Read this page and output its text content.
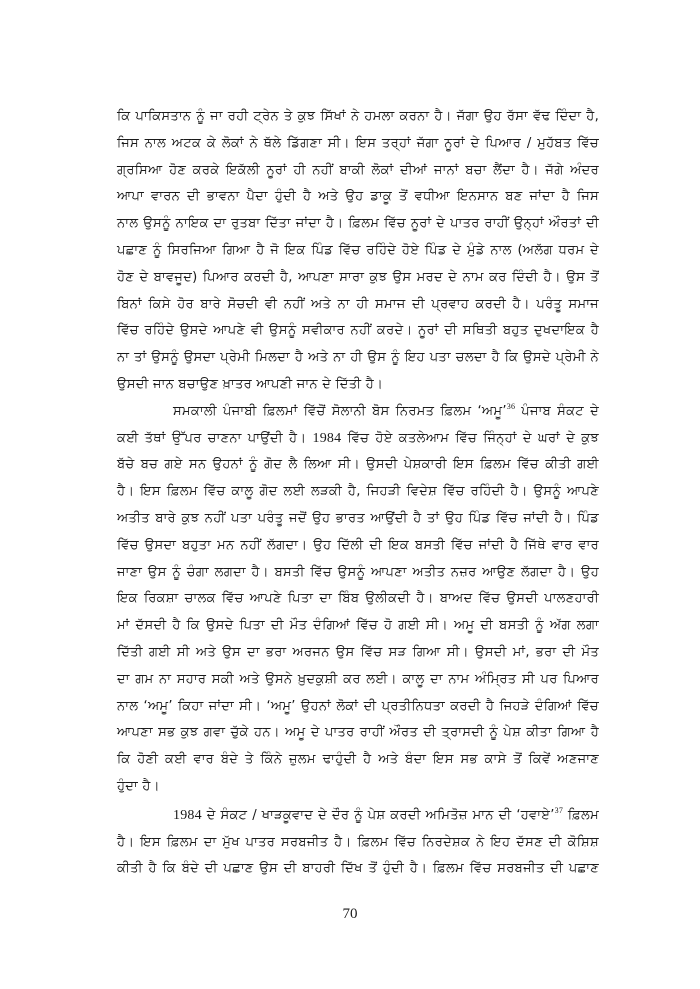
ਕਿ ਪਾਕਿਸਤਾਨ ਨੂੰ ਜਾ ਰਹੀ ਟ੍ਰੇਨ ਤੇ ਕੁਝ ਸਿੱਖਾਂ ਨੇ ਹਮਲਾ ਕਰਨਾ ਹੈ। ਜੱਗਾ ਉਹ ਰੱਸਾ ਵੱਢ ਦਿੰਦਾ ਹੈ,
ਜਿਸ ਨਾਲ ਅਟਕ ਕੇ ਲੋਕਾਂ ਨੇ ਥੱਲੇ ਡਿੱਗਣਾ ਸੀ। ਇਸ ਤਰ੍ਹਾਂ ਜੱਗਾ ਨੂਰਾਂ ਦੇ ਪਿਆਰ / ਮੁਹੱਬਤ ਵਿੱਚ
ਗ੍ਰਸਿਆ ਹੋਣ ਕਰਕੇ ਇਕੱਲੀ ਨੂਰਾਂ ਹੀ ਨਹੀਂ ਬਾਕੀ ਲੋਕਾਂ ਦੀਆਂ ਜਾਨਾਂ ਬਚਾ ਲੈਂਦਾ ਹੈ। ਜੱਗੇ ਅੰਦਰ
ਆਪਾ ਵਾਰਨ ਦੀ ਭਾਵਨਾ ਪੈਦਾ ਹੁੰਦੀ ਹੈ ਅਤੇ ਉਹ ਡਾਕੂ ਤੋਂ ਵਧੀਆ ਇਨਸਾਨ ਬਣ ਜਾਂਦਾ ਹੈ ਜਿਸ
ਨਾਲ ਉਸਨੂੰ ਨਾਇਕ ਦਾ ਰੁਤਬਾ ਦਿੱਤਾ ਜਾਂਦਾ ਹੈ। ਫ਼ਿਲਮ ਵਿੱਚ ਨੂਰਾਂ ਦੇ ਪਾਤਰ ਰਾਹੀਂ ਉਨ੍ਹਾਂ ਔਰਤਾਂ ਦੀ
ਪਛਾਣ ਨੂੰ ਸਿਰਜਿਆ ਗਿਆ ਹੈ ਜੋ ਇਕ ਪਿੰਡ ਵਿੱਚ ਰਹਿੰਦੇ ਹੋਏ ਪਿੰਡ ਦੇ ਮੁੰਡੇ ਨਾਲ (ਅਲੱਗ ਧਰਮ ਦੇ
ਹੋਣ ਦੇ ਬਾਵਜੂਦ) ਪਿਆਰ ਕਰਦੀ ਹੈ, ਆਪਣਾ ਸਾਰਾ ਕੁਝ ਉਸ ਮਰਦ ਦੇ ਨਾਮ ਕਰ ਦਿੰਦੀ ਹੈ। ਉਸ ਤੋਂ
ਬਿਨਾਂ ਕਿਸੇ ਹੋਰ ਬਾਰੇ ਸੋਚਦੀ ਵੀ ਨਹੀਂ ਅਤੇ ਨਾ ਹੀ ਸਮਾਜ ਦੀ ਪ੍ਰਵਾਹ ਕਰਦੀ ਹੈ। ਪਰੰਤੂ ਸਮਾਜ
ਵਿੱਚ ਰਹਿੰਦੇ ਉਸਦੇ ਆਪਣੇ ਵੀ ਉਸਨੂੰ ਸਵੀਕਾਰ ਨਹੀਂ ਕਰਦੇ। ਨੂਰਾਂ ਦੀ ਸਥਿਤੀ ਬਹੁਤ ਦੁਖਦਾਇਕ ਹੈ
ਨਾ ਤਾਂ ਉਸਨੂੰ ਉਸਦਾ ਪ੍ਰੇਮੀ ਮਿਲਦਾ ਹੈ ਅਤੇ ਨਾ ਹੀ ਉਸ ਨੂੰ ਇਹ ਪਤਾ ਚਲਦਾ ਹੈ ਕਿ ਉਸਦੇ ਪ੍ਰੇਮੀ ਨੇ
ਉਸਦੀ ਜਾਨ ਬਚਾਉਣ ਖ਼ਾਤਰ ਆਪਣੀ ਜਾਨ ਦੇ ਦਿੱਤੀ ਹੈ।
ਸਮਕਾਲੀ ਪੰਜਾਬੀ ਫ਼ਿਲਮਾਂ ਵਿੱਚੋਂ ਸੋਲਾਨੀ ਬੋਸ ਨਿਰਮਤ ਫ਼ਿਲਮ ‘ਅਮੂ’$^{36}$ ਪੰਜਾਬ ਸੰਕਟ ਦੇ
ਕਈ ਤੱਥਾਂ ਉੱਪਰ ਚਾਣਨਾ ਪਾਉਂਦੀ ਹੈ। 1984 ਵਿੱਚ ਹੋਏ ਕਤਲੇਆਮ ਵਿੱਚ ਜਿੰਨ੍ਹਾਂ ਦੇ ਘਰਾਂ ਦੇ ਕੁਝ
ਬੱਚੇ ਬਚ ਗਏ ਸਨ ਉਹਨਾਂ ਨੂੰ ਗੋਦ ਲੈ ਲਿਆ ਸੀ। ਉਸਦੀ ਪੇਸ਼ਕਾਰੀ ਇਸ ਫ਼ਿਲਮ ਵਿੱਚ ਕੀਤੀ ਗਈ
ਹੈ। ਇਸ ਫ਼ਿਲਮ ਵਿੱਚ ਕਾਲੂ ਗੋਦ ਲਈ ਲੜਕੀ ਹੈ, ਜਿਹੜੀ ਵਿਦੇਸ਼ ਵਿੱਚ ਰਹਿੰਦੀ ਹੈ। ਉਸਨੂੰ ਆਪਣੇ
ਅਤੀਤ ਬਾਰੇ ਕੁਝ ਨਹੀਂ ਪਤਾ ਪਰੰਤੂ ਜਦੋਂ ਉਹ ਭਾਰਤ ਆਉਂਦੀ ਹੈ ਤਾਂ ਉਹ ਪਿੰਡ ਵਿੱਚ ਜਾਂਦੀ ਹੈ। ਪਿੰਡ
ਵਿੱਚ ਉਸਦਾ ਬਹੁਤਾ ਮਨ ਨਹੀਂ ਲੱਗਦਾ। ਉਹ ਦਿੱਲੀ ਦੀ ਇਕ ਬਸਤੀ ਵਿੱਚ ਜਾਂਦੀ ਹੈ ਜਿੱਥੇ ਵਾਰ ਵਾਰ
ਜਾਣਾ ਉਸ ਨੂੰ ਚੰਗਾ ਲਗਦਾ ਹੈ। ਬਸਤੀ ਵਿੱਚ ਉਸਨੂੰ ਆਪਣਾ ਅਤੀਤ ਨਜ਼ਰ ਆਉਣ ਲੱਗਦਾ ਹੈ। ਉਹ
ਇਕ ਰਿਕਸ਼ਾ ਚਾਲਕ ਵਿੱਚ ਆਪਣੇ ਪਿਤਾ ਦਾ ਬਿੰਬ ਉਲੀਕਦੀ ਹੈ। ਬਾਅਦ ਵਿੱਚ ਉਸਦੀ ਪਾਲਣਹਾਰੀ
ਮਾਂ ਦੱਸਦੀ ਹੈ ਕਿ ਉਸਦੇ ਪਿਤਾ ਦੀ ਮੌਤ ਦੰਗਿਆਂ ਵਿੱਚ ਹੋ ਗਈ ਸੀ। ਅਮੂ ਦੀ ਬਸਤੀ ਨੂੰ ਅੱਗ ਲਗਾ
ਦਿੱਤੀ ਗਈ ਸੀ ਅਤੇ ਉਸ ਦਾ ਭਰਾ ਅਰਜਨ ਉਸ ਵਿੱਚ ਸੜ ਗਿਆ ਸੀ। ਉਸਦੀ ਮਾਂ, ਭਰਾ ਦੀ ਮੌਤ
ਦਾ ਗਮ ਨਾ ਸਹਾਰ ਸਕੀ ਅਤੇ ਉਸਨੇ ਖ਼ੁਦਕੁਸ਼ੀ ਕਰ ਲਈ। ਕਾਲੂ ਦਾ ਨਾਮ ਅੰਮ੍ਰਿਤ ਸੀ ਪਰ ਪਿਆਰ
ਨਾਲ ‘ਅਮੂ’ ਕਿਹਾ ਜਾਂਦਾ ਸੀ। ‘ਅਮੂ’ ਉਹਨਾਂ ਲੋਕਾਂ ਦੀ ਪ੍ਰਤੀਨਿਧਤਾ ਕਰਦੀ ਹੈ ਜਿਹੜੇ ਦੰਗਿਆਂ ਵਿੱਚ
ਆਪਣਾ ਸਭ ਕੁਝ ਗਵਾ ਚੁੱਕੇ ਹਨ। ਅਮੂ ਦੇ ਪਾਤਰ ਰਾਹੀਂ ਔਰਤ ਦੀ ਤ੍ਰਾਸਦੀ ਨੂੰ ਪੇਸ਼ ਕੀਤਾ ਗਿਆ ਹੈ
ਕਿ ਹੋਣੀ ਕਈ ਵਾਰ ਬੰਦੇ ਤੇ ਕਿੰਨੇ ਜ਼ੁਲਮ ਢਾਹੁੰਦੀ ਹੈ ਅਤੇ ਬੰਦਾ ਇਸ ਸਭ ਕਾਸੇ ਤੋਂ ਕਿਵੇਂ ਅਣਜਾਣ
ਹੁੰਦਾ ਹੈ।
1984 ਦੇ ਸੰਕਟ / ਖਾੜਕੂਵਾਦ ਦੇ ਦੌਰ ਨੂੰ ਪੇਸ਼ ਕਰਦੀ ਅਮਿਤੋਜ਼ ਮਾਨ ਦੀ ‘ਹਵਾਏ’$^{37}$ ਫ਼ਿਲਮ
ਹੈ। ਇਸ ਫ਼ਿਲਮ ਦਾ ਮੁੱਖ ਪਾਤਰ ਸਰਬਜੀਤ ਹੈ। ਫ਼ਿਲਮ ਵਿੱਚ ਨਿਰਦੇਸ਼ਕ ਨੇ ਇਹ ਦੱਸਣ ਦੀ ਕੋਸ਼ਿਸ਼
ਕੀਤੀ ਹੈ ਕਿ ਬੰਦੇ ਦੀ ਪਛਾਣ ਉਸ ਦੀ ਬਾਹਰੀ ਦਿੱਖ ਤੋਂ ਹੁੰਦੀ ਹੈ। ਫ਼ਿਲਮ ਵਿੱਚ ਸਰਬਜੀਤ ਦੀ ਪਛਾਣ
70
